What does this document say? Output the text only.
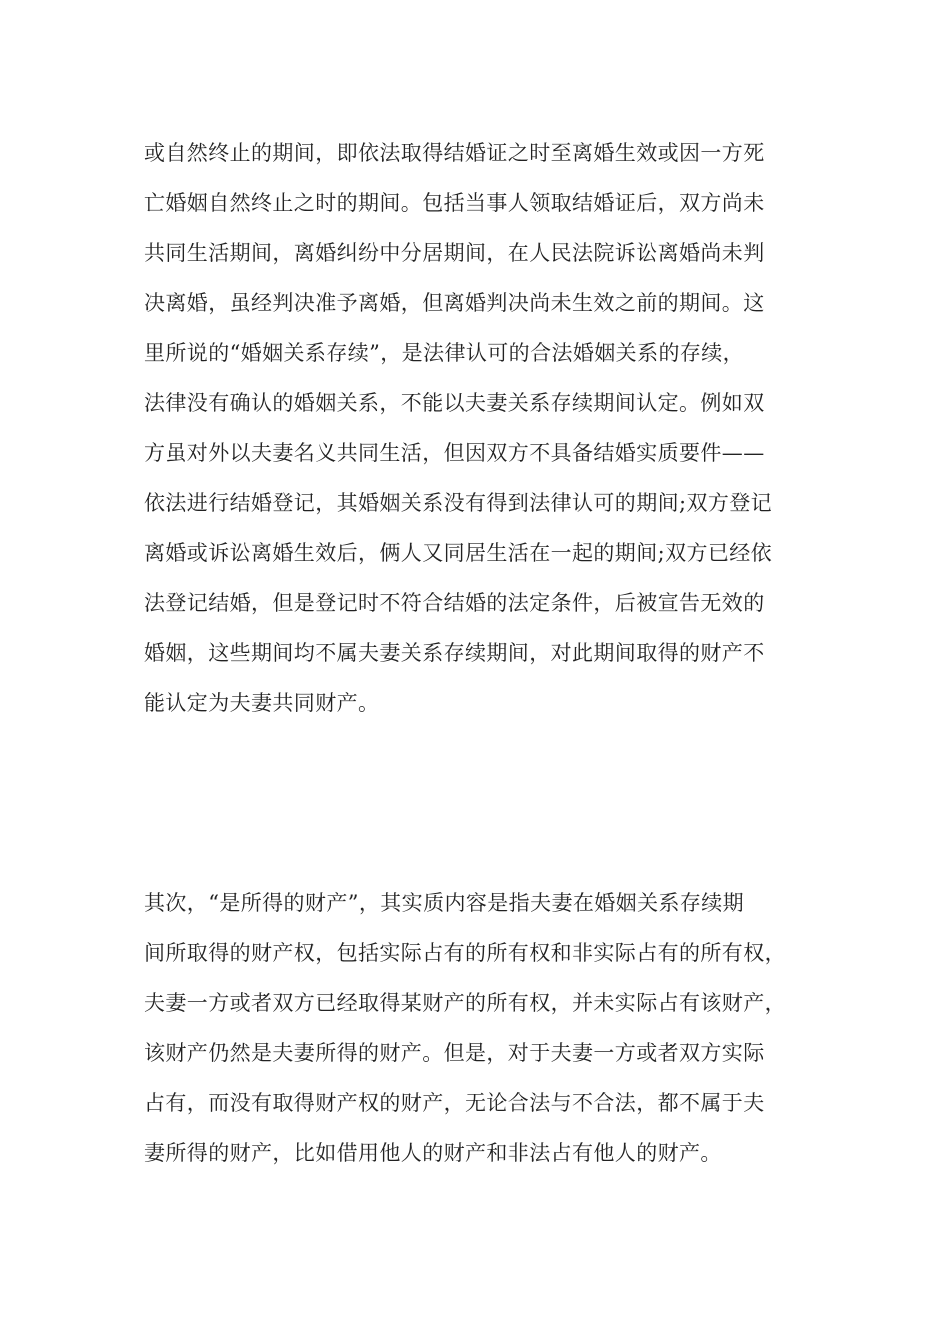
或自然终止的期间，即依法取得结婚证之时至离婚生效或因一方死
亡婚姻自然终止之时的期间。包括当事人领取结婚证后，双方尚未
共同生活期间，离婚纠纷中分居期间，在人民法院诉讼离婚尚未判
决离婚，虽经判决准予离婚，但离婚判决尚未生效之前的期间。这
里所说的“婚姻关系存续”，是法律认可的合法婚姻关系的存续，
法律没有确认的婚姻关系，不能以夫妻关系存续期间认定。例如双
方虽对外以夫妻名义共同生活，但因双方不具备结婚实质要件——
依法进行结婚登记，其婚姻关系没有得到法律认可的期间;双方登记
离婚或诉讼离婚生效后，俩人又同居生活在一起的期间;双方已经依
法登记结婚，但是登记时不符合结婚的法定条件，后被宣告无效的
婚姻，这些期间均不属夫妻关系存续期间，对此期间取得的财产不
能认定为夫妻共同财产。
其次，“是所得的财产”，其实质内容是指夫妻在婚姻关系存续期
间所取得的财产权，包括实际占有的所有权和非实际占有的所有权，
夫妻一方或者双方已经取得某财产的所有权，并未实际占有该财产，
该财产仍然是夫妻所得的财产。但是，对于夫妻一方或者双方实际
占有，而没有取得财产权的财产，无论合法与不合法，都不属于夫
妻所得的财产，比如借用他人的财产和非法占有他人的财产。
